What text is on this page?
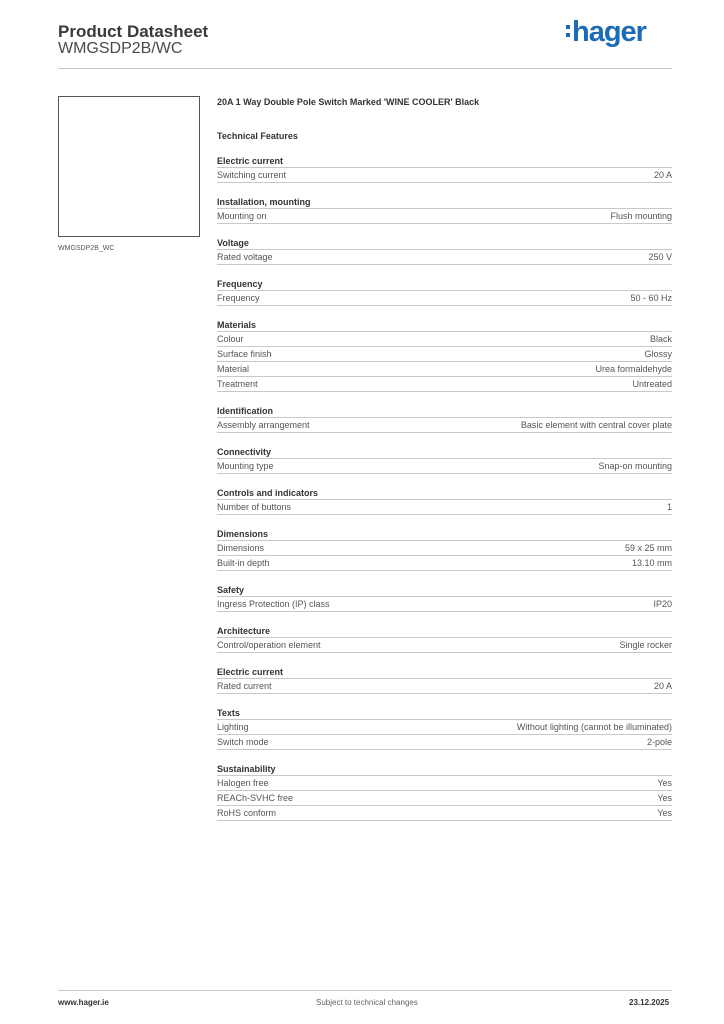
Product Datasheet
WMGSDP2B/WC
hager
WMGSDP2B_WC
20A 1 Way Double Pole Switch Marked 'WINE COOLER' Black
Technical Features
Electric current
Switching current	20 A
Installation, mounting
Mounting on	Flush mounting
Voltage
Rated voltage	250 V
Frequency
Frequency	50 - 60 Hz
Materials
Colour	Black
Surface finish	Glossy
Material	Urea formaldehyde
Treatment	Untreated
Identification
Assembly arrangement	Basic element with central cover plate
Connectivity
Mounting type	Snap-on mounting
Controls and indicators
Number of buttons	1
Dimensions
Dimensions	59 x 25 mm
Built-in depth	13.10 mm
Safety
Ingress Protection (IP) class	IP20
Architecture
Control/operation element	Single rocker
Electric current
Rated current	20 A
Texts
Lighting	Without lighting (cannot be illuminated)
Switch mode	2-pole
Sustainability
Halogen free	Yes
REACh-SVHC free	Yes
RoHS conform	Yes
www.hager.ie	Subject to technical changes	23.12.2025
